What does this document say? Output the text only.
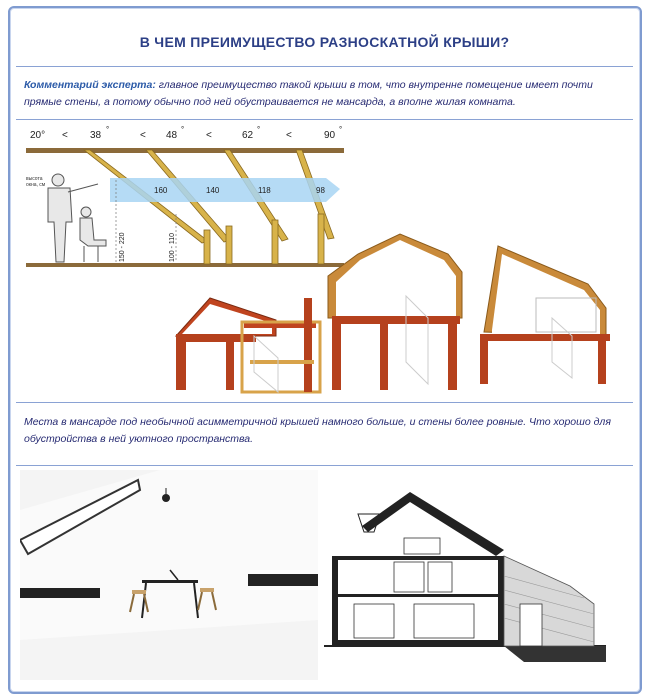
В ЧЕМ ПРЕИМУЩЕСТВО РАЗНОСКАТНОЙ КРЫШИ?
Комментарий эксперта: главное преимущество такой крыши в том, что внутренне помещение имеет почти прямые стены, а потому обычно под ней обустраивается не мансарда, а вполне жилая комната.
20° < 38
°
< 48
°
<	62
°
<	90
°
160	140	118	98
высота
окна, см
150 - 220	100 - 110
Места в мансарде под необычной асимметричной крышей намного больше, и стены более ровные. Что хорошо для обустройства в ней уютного пространства.
